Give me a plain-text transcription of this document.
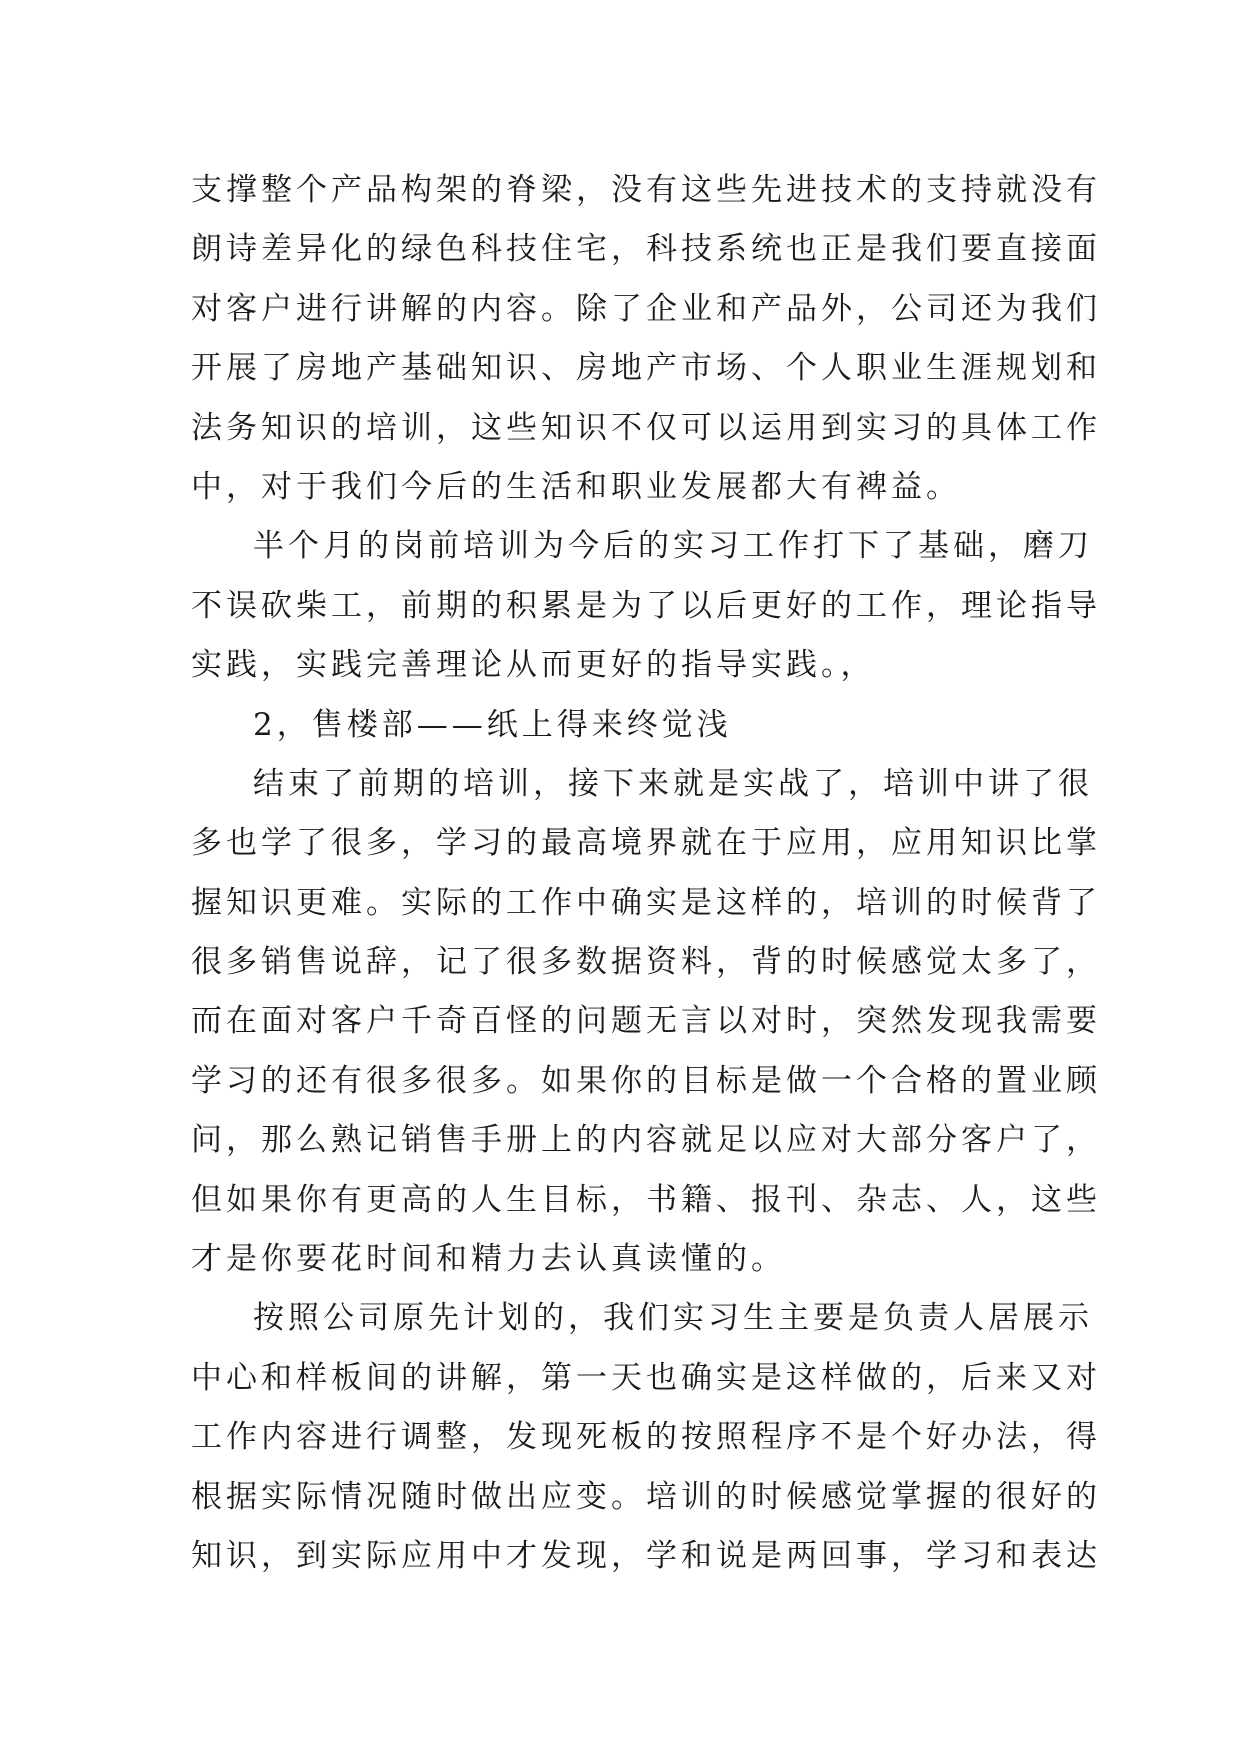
支撑整个产品构架的脊梁，没有这些先进技术的支持就没有
朗诗差异化的绿色科技住宅，科技系统也正是我们要直接面
对客户进行讲解的内容。除了企业和产品外，公司还为我们
开展了房地产基础知识、房地产市场、个人职业生涯规划和
法务知识的培训，这些知识不仅可以运用到实习的具体工作
中，对于我们今后的生活和职业发展都大有裨益。
半个月的岗前培训为今后的实习工作打下了基础，磨刀
不误砍柴工，前期的积累是为了以后更好的工作，理论指导
实践，实践完善理论从而更好的指导实践。，
2，售楼部——纸上得来终觉浅
结束了前期的培训，接下来就是实战了，培训中讲了很
多也学了很多，学习的最高境界就在于应用，应用知识比掌
握知识更难。实际的工作中确实是这样的，培训的时候背了
很多销售说辞，记了很多数据资料，背的时候感觉太多了，
而在面对客户千奇百怪的问题无言以对时，突然发现我需要
学习的还有很多很多。如果你的目标是做一个合格的置业顾
问，那么熟记销售手册上的内容就足以应对大部分客户了，
但如果你有更高的人生目标，书籍、报刊、杂志、人，这些
才是你要花时间和精力去认真读懂的。
按照公司原先计划的，我们实习生主要是负责人居展示
中心和样板间的讲解，第一天也确实是这样做的，后来又对
工作内容进行调整，发现死板的按照程序不是个好办法，得
根据实际情况随时做出应变。培训的时候感觉掌握的很好的
知识，到实际应用中才发现，学和说是两回事，学习和表达
